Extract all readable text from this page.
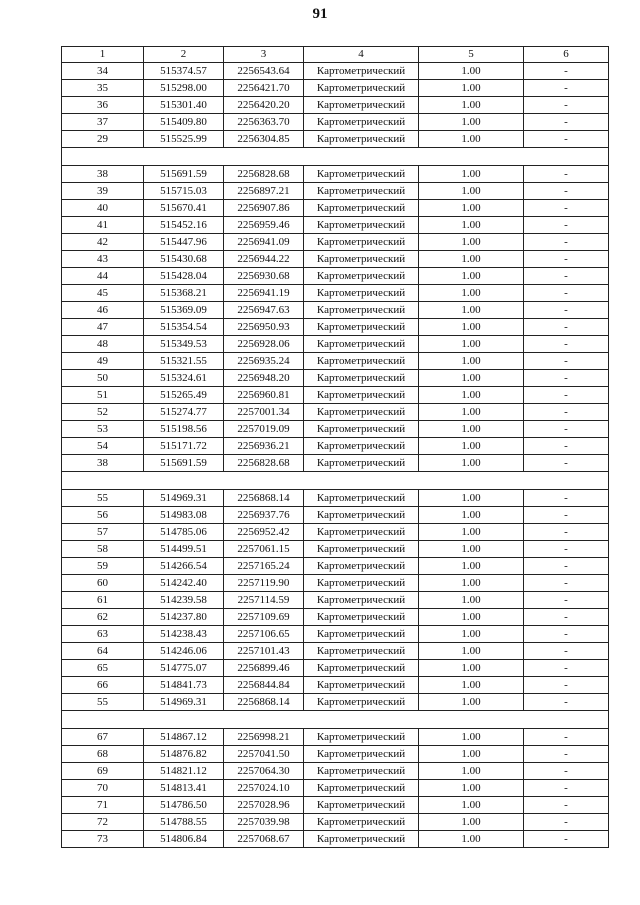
91
1	2	3	4	5	6
34	515374.57	2256543.64	Картометрический	1.00	-
35	515298.00	2256421.70	Картометрический	1.00	-
36	515301.40	2256420.20	Картометрический	1.00	-
37	515409.80	2256363.70	Картометрический	1.00	-
29	515525.99	2256304.85	Картометрический	1.00	-

38	515691.59	2256828.68	Картометрический	1.00	-
39	515715.03	2256897.21	Картометрический	1.00	-
40	515670.41	2256907.86	Картометрический	1.00	-
41	515452.16	2256959.46	Картометрический	1.00	-
42	515447.96	2256941.09	Картометрический	1.00	-
43	515430.68	2256944.22	Картометрический	1.00	-
44	515428.04	2256930.68	Картометрический	1.00	-
45	515368.21	2256941.19	Картометрический	1.00	-
46	515369.09	2256947.63	Картометрический	1.00	-
47	515354.54	2256950.93	Картометрический	1.00	-
48	515349.53	2256928.06	Картометрический	1.00	-
49	515321.55	2256935.24	Картометрический	1.00	-
50	515324.61	2256948.20	Картометрический	1.00	-
51	515265.49	2256960.81	Картометрический	1.00	-
52	515274.77	2257001.34	Картометрический	1.00	-
53	515198.56	2257019.09	Картометрический	1.00	-
54	515171.72	2256936.21	Картометрический	1.00	-
38	515691.59	2256828.68	Картометрический	1.00	-

55	514969.31	2256868.14	Картометрический	1.00	-
56	514983.08	2256937.76	Картометрический	1.00	-
57	514785.06	2256952.42	Картометрический	1.00	-
58	514499.51	2257061.15	Картометрический	1.00	-
59	514266.54	2257165.24	Картометрический	1.00	-
60	514242.40	2257119.90	Картометрический	1.00	-
61	514239.58	2257114.59	Картометрический	1.00	-
62	514237.80	2257109.69	Картометрический	1.00	-
63	514238.43	2257106.65	Картометрический	1.00	-
64	514246.06	2257101.43	Картометрический	1.00	-
65	514775.07	2256899.46	Картометрический	1.00	-
66	514841.73	2256844.84	Картометрический	1.00	-
55	514969.31	2256868.14	Картометрический	1.00	-

67	514867.12	2256998.21	Картометрический	1.00	-
68	514876.82	2257041.50	Картометрический	1.00	-
69	514821.12	2257064.30	Картометрический	1.00	-
70	514813.41	2257024.10	Картометрический	1.00	-
71	514786.50	2257028.96	Картометрический	1.00	-
72	514788.55	2257039.98	Картометрический	1.00	-
73	514806.84	2257068.67	Картометрический	1.00	-
